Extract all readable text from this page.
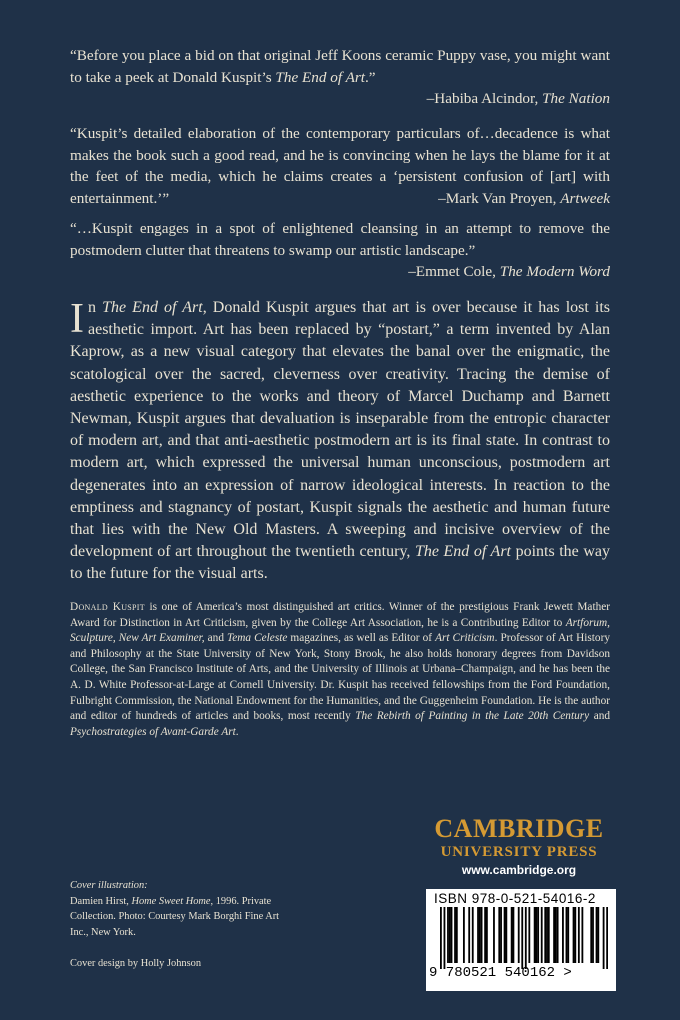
“Before you place a bid on that original Jeff Koons ceramic Puppy vase, you might want to take a peek at Donald Kuspit’s The End of Art.”

–Habiba Alcindor, The Nation

“Kuspit’s detailed elaboration of the contemporary particulars of…decadence is what makes the book such a good read, and he is convincing when he lays the blame for it at the feet of the media, which he claims creates a ‘persistent confusion of [art] with entertainment.’”	–Mark Van Proyen, Artweek

“…Kuspit engages in a spot of enlightened cleansing in an attempt to remove the postmodern clutter that threatens to swamp our artistic landscape.”

–Emmet Cole, The Modern Word

In The End of Art, Donald Kuspit argues that art is over because it has lost its aesthetic import. Art has been replaced by “postart,” a term invented by Alan Kaprow, as a new visual category that elevates the banal over the enigmatic, the scatological over the sacred, cleverness over creativity. Tracing the demise of aesthetic experience to the works and theory of Marcel Duchamp and Barnett Newman, Kuspit argues that devaluation is inseparable from the entropic character of modern art, and that anti-aesthetic postmodern art is its final state. In contrast to modern art, which expressed the universal human unconscious, postmodern art degenerates into an expression of narrow ideological interests. In reaction to the emptiness and stagnancy of postart, Kuspit signals the aesthetic and human future that lies with the New Old Masters. A sweeping and incisive overview of the development of art throughout the twentieth century, The End of Art points the way to the future for the visual arts.
Donald Kuspit is one of America’s most distinguished art critics. Winner of the prestigious Frank Jewett Mather Award for Distinction in Art Criticism, given by the College Art Association, he is a Contributing Editor to Artforum, Sculpture, New Art Examiner, and Tema Celeste magazines, as well as Editor of Art Criticism. Professor of Art History and Philosophy at the State University of New York, Stony Brook, he also holds honorary degrees from Davidson College, the San Francisco Institute of Arts, and the University of Illinois at Urbana–Champaign, and he has been the A. D. White Professor-at-Large at Cornell University. Dr. Kuspit has received fellowships from the Ford Foundation, Fulbright Commission, the National Endowment for the Humanities, and the Guggenheim Foundation. He is the author and editor of hundreds of articles and books, most recently The Rebirth of Painting in the Late 20th Century and Psychostrategies of Avant-Garde Art.
CAMBRIDGE
UNIVERSITY PRESS
www.cambridge.org
Cover illustration:
Damien Hirst, Home Sweet Home, 1996. Private Collection. Photo: Courtesy Mark Borghi Fine Art Inc., New York.
Cover design by Holly Johnson
ISBN 978-0-521-54016-2
9 780521 540162 >
